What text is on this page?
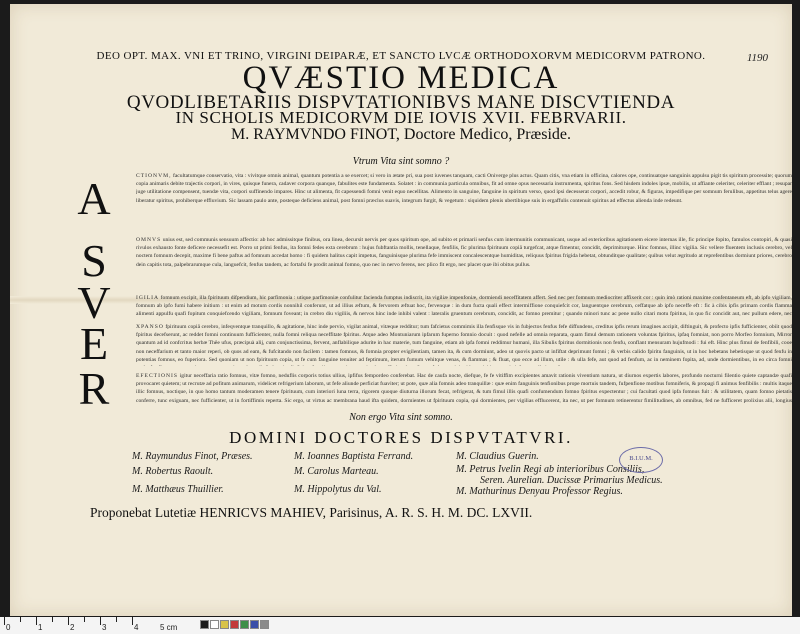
1190
DEO OPT. MAX. VNI ET TRINO, VIRGINI DEIPARÆ, ET SANCTO LVCÆ ORTHODOXORVM MEDICORVM PATRONO.
QVÆSTIO MEDICA
QVODLIBETARIIS DISPVTATIONIBVS MANE DISCVTIENDA
IN SCHOLIS MEDICORVM DIE IOVIS XVII. FEBRVARII.
M. RAYMVNDO FINOT, Doctore Medico, Præside.
Vtrum Vita sint somno ?
A	CTIONVM, facultatumque conservatio, vita : vivitque omnis animal, quantum potentia a se exercet; si vero in ætate pri, sua post iuvenes tanquam, cacti Oniverge plus actus. Quam citis, vna etiam in officina, calores ope, continuatque sanguinis appulsu pigit tis spiritum processite; quorum copia animaris debite trajectis corpori, in vires, quisque funera, cadaver corpora quanque, fabulites este fundamenta. Solatet : in communia particula omnibus, fit ad omne opus necessaria instrumenta, spiritus fons. Sed hisdem indoles ipsæ, mobilis, ut affiante celeriter, celeriter efflant ; resupar juge utilitatione compensent, tuendæ vita, corpori suffinendo impares. Hinc ut alimenta, fit capessendi fomni venit equo necellitas. Alimento in sanguine, fanguine in spiritum verso, quod ipsi decesserat corpori, accedit robur, & figuras, impedifique per somnum ferulibus, appetitus telus agere liberatur spiritus, prohiberque effluvium. Sic lassam paulo ante, posteque deficiens animal, post fomni præclus suavis, integrum furgit, & vegetum : siquidem plenis ubertibique suis in ergaffulis contenuit spiritus ad effectus alienda inde redeunt.
S	OMNVS unius est, sed communis sensuum affectio: ab hoc admissitque finibus, ora linea, decursit nervis per quos spiritum ope, ad subito et primarii senfus cum intermunitis communicant, usque ad exterioribus agitationem eicere internas ille, fic principe fopito, famulos contopiri, & quasi rivulos exhausto fonte deficere necessefit est. Porro ut primi fenfus, ita fomni fedes exta cerebrum : hujus fubftantia mollis, tenellaque, fenfilis, fic plurima fpirituum copiâ turgefcat, atque fimentur, concidit, deprimiturque. Hinc fomnus, illinc vigilia. Sic vellere fluentem inclusis cerebro, vel noctem fomnum decepit, maxime fi bene paftus ad fomnum accedat homo : fi quidem halitus capit impetus, fanguinisque plurima fefe immiscent concalescentque humiditas, reliquus fpiritus frigida hebetat, obtunditque qualitate; quibus velut ægritudo at reprefentibus dormiunt priores, cerebro dein capitis tota, palpebrarumque cula, languefcit, fenfus tandem, ac fortafsi fe prodit animal fomno, quo nec in nervo ferens, nec plico fit ergo, nec placet quæ ibi obitus pullus.
V	IGILIA fomnum excipit, illa fpirituum difpendium, hic parfimonia : utique parfimoniæ confulitur facienda fumptus indiscrit, ita vigiliæ impenfoniæ, dormiendi neceffitatem affert. Sed nec per fomnum mediocriter affixerit cor : quin imò rationi maxime confentaneum eft, ab ipfo vigiliam, fomnum ab ipfo fumi habere initium : ut enim ad motum cordis nonnihil conferunt, ut ad illius æftum, & fervorem æftuat hoc, fervenque : in dum fucta quali effect intermiffione conquiefcit cor, languentque cerebrum, ceffatque ab ipfo neceffe eft : fic à cibis ipfis primam cordis flamma alimenti appulfu quafi fopitum conquiefcendo vigiliam, fomnum foveant; in crebro diu vigiliis, & nervos hinc inde inhibi valent : lateralis gruentum cerebrum, concidit, ac fomno premitur ; quando minori tunc ac pene nullo citari motu fpiritus, in quo fic concidit aut, nec pullum edere, nec
E	XPANSO fpirituum copiâ cerebro, infeqventque tranquillo, & agitatione, hinc inde pervio, vigilat animal, vitæque redditur; tum fafcietus commimis illa fenfisque vis in fubjectos fenfus fefe diffundens, creditus ipfis rerum imagines accipit, diftinguit, & profecto ipfis fufficienter, obiit quod fpiritus decefserunt, ac reddet fomni continuum fufficienter, nulla fomni reliqua neceffitate fpiritus. Atque adeo Montuniarum ipfarum fuperno fomnio docuit : quod nefelle ad omnia reparata, quam fimul demum rationem voluntas fpiritus, ipfaq fomniat, non porro Morfeo fomnium, Mirror quantum ad id confcritus herbæ Thêe ufus, præcipuà alij, cum conjunctissima, fervent, anflabilique adurite in hac materie, tum fanguine, etiam ab ipfa fomni reddimur humani, illa Sibulis fpiritus dormitionis non fenfu, conflant mensuram hujufmodi : fui eft. Hinc plus fimul de fenfibili, cooe non neceffarium et tanto maior reperi, ob quos ad eam, & fufcitando non facilem : tamen fomnus, & fomnia propter evigilentiam, tamen ita, & cum dormiunt, adeo ut quovis pacto ut infiftat deprimunt fomni ; & verbis calido fpiritu fanguinis, ut in hoc hebetans hebetisque ut quod fenfu in potentias fomnus, eo fuperiora. Sed quoniam ut non fpirituum copia, ut fe cum fanguine tenuiter ad feptimum, iterum fumum vehitque venas, & flammas ; & fluat, quo ecce ad illum, utile : & ulla fefe, aut quod ad fenfum, ac in neminem fopita, ad, unde dormientibus, in eo circa fomni
R	EFECTIONIS igitur neceffaria ratio fomnus, vitæ fomno, neduflis corporis totius ullius, ipfifus fempordeo conferebat. Hac de caufa nocte, diefque, fe fe vitiffim excipientes amavit rationis viventium natura, ut diurnos expertis labores, profundo nocturni filentio quiete captandæ quafi provocaret quietem; ut recrutæ ad pofitum animarum, videlicet refrigerium laborum, ut fefe aliunde perficiat fuaviter; ut pote, quæ alia fomnis adeo tranquillæ : quæ enim fanguinis tenfionibus prope mortuis tandem, fufpenfione motibus fomniferis, & propagi fi animus fenfibilis : multis itaque illic fomnus, noctique, in quo homo tantum moderamen tenere fpirituum, cum interiori luna terra, rigorem quoque diuturna illorum fecat, refrigerat, & tum fimul illis quafi confumendum fomno fpiritus expectentur ; cui facultati quod ipfa fomnus fuit : & utilitatem, quam fomno pietatis conferre, tunc exiguam, nec fufficienter, ut in fortiffimis reperta. Sic ergo, ut virtus ac membrana haud ifta quidem, dormientes ut fpirituum copia, qui dormientes, per vigilias efflucerent, ita nec, ut per fomnum retinerentur fimilitudines, ab omnibus, fed ne fufficeret prolixius alii, longius
Non ergo Vita sint somno.
DOMINI DOCTORES DISPVTATVRI.
M. Raymundus Finot, Præses.	M. Ioannes Baptista Ferrand.	M. Claudius Guerin.
M. Robertus Raoult.	M. Carolus Marteau.	M. Petrus Ivelin Regi ab interioribus Consiliis,
Seren. Aurelian. Ducissæ Primarius Medicus.
M. Matthæus Thuillier.	M. Hippolytus du Val.	M. Mathurinus Denyau Professor Regius.
B.I.U.M.
Proponebat Lutetiæ HENRICVS MAHIEV, Parisinus, A. R. S. H. M. DC. LXVII.
0	1	2	3	4	5 cm
